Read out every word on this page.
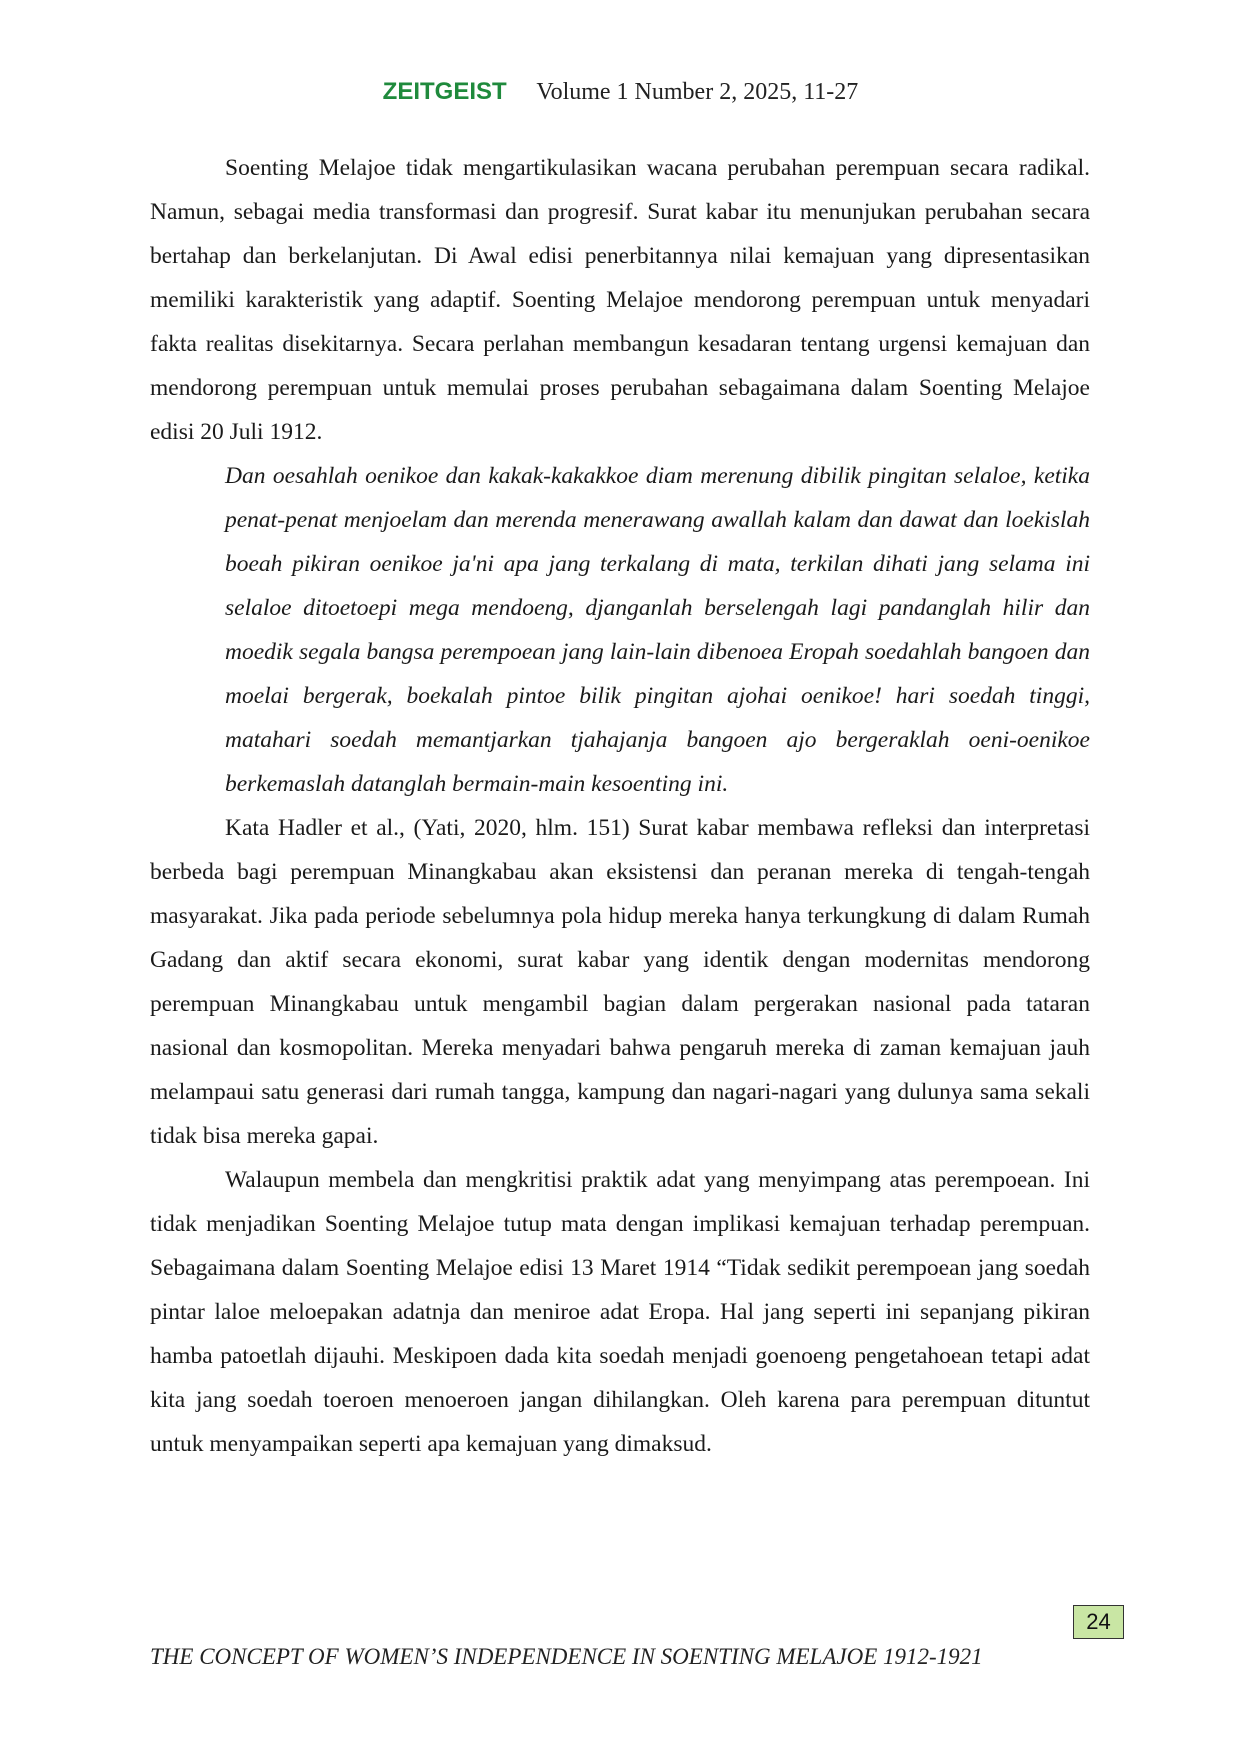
ZEITGEIST Volume 1 Number 2, 2025, 11-27

Soenting Melajoe tidak mengartikulasikan wacana perubahan perempuan secara radikal. Namun, sebagai media transformasi dan progresif. Surat kabar itu menunjukan perubahan secara bertahap dan berkelanjutan. Di Awal edisi penerbitannya nilai kemajuan yang dipresentasikan memiliki karakteristik yang adaptif. Soenting Melajoe mendorong perempuan untuk menyadari fakta realitas disekitarnya. Secara perlahan membangun kesadaran tentang urgensi kemajuan dan mendorong perempuan untuk memulai proses perubahan sebagaimana dalam Soenting Melajoe edisi 20 Juli 1912.

Dan oesahlah oenikoe dan kakak-kakakkoe diam merenung dibilik pingitan selaloe, ketika penat-penat menjoelam dan merenda menerawang awallah kalam dan dawat dan loekislah boeah pikiran oenikoe ja'ni apa jang terkalang di mata, terkilan dihati jang selama ini selaloe ditoetoepi mega mendoeng, djanganlah berselengah lagi pandanglah hilir dan moedik segala bangsa perempoean jang lain-lain dibenoea Eropah soedahlah bangoen dan moelai bergerak, boekalah pintoe bilik pingitan ajohai oenikoe! hari soedah tinggi, matahari soedah memantjarkan tjahajanja bangoen ajo bergeraklah oeni-oenikoe berkemaslah datanglah bermain-main kesoenting ini.

Kata Hadler et al., (Yati, 2020, hlm. 151) Surat kabar membawa refleksi dan interpretasi berbeda bagi perempuan Minangkabau akan eksistensi dan peranan mereka di tengah-tengah masyarakat. Jika pada periode sebelumnya pola hidup mereka hanya terkungkung di dalam Rumah Gadang dan aktif secara ekonomi, surat kabar yang identik dengan modernitas mendorong perempuan Minangkabau untuk mengambil bagian dalam pergerakan nasional pada tataran nasional dan kosmopolitan. Mereka menyadari bahwa pengaruh mereka di zaman kemajuan jauh melampaui satu generasi dari rumah tangga, kampung dan nagari-nagari yang dulunya sama sekali tidak bisa mereka gapai.

Walaupun membela dan mengkritisi praktik adat yang menyimpang atas perempoean. Ini tidak menjadikan Soenting Melajoe tutup mata dengan implikasi kemajuan terhadap perempuan. Sebagaimana dalam Soenting Melajoe edisi 13 Maret 1914 “Tidak sedikit perempoean jang soedah pintar laloe meloepakan adatnja dan meniroe adat Eropa. Hal jang seperti ini sepanjang pikiran hamba patoetlah dijauhi. Meskipoen dada kita soedah menjadi goenoeng pengetahoean tetapi adat kita jang soedah toeroen menoeroen jangan dihilangkan. Oleh karena para perempuan dituntut untuk menyampaikan seperti apa kemajuan yang dimaksud.

24
THE CONCEPT OF WOMEN’S INDEPENDENCE IN SOENTING MELAJOE 1912-1921
